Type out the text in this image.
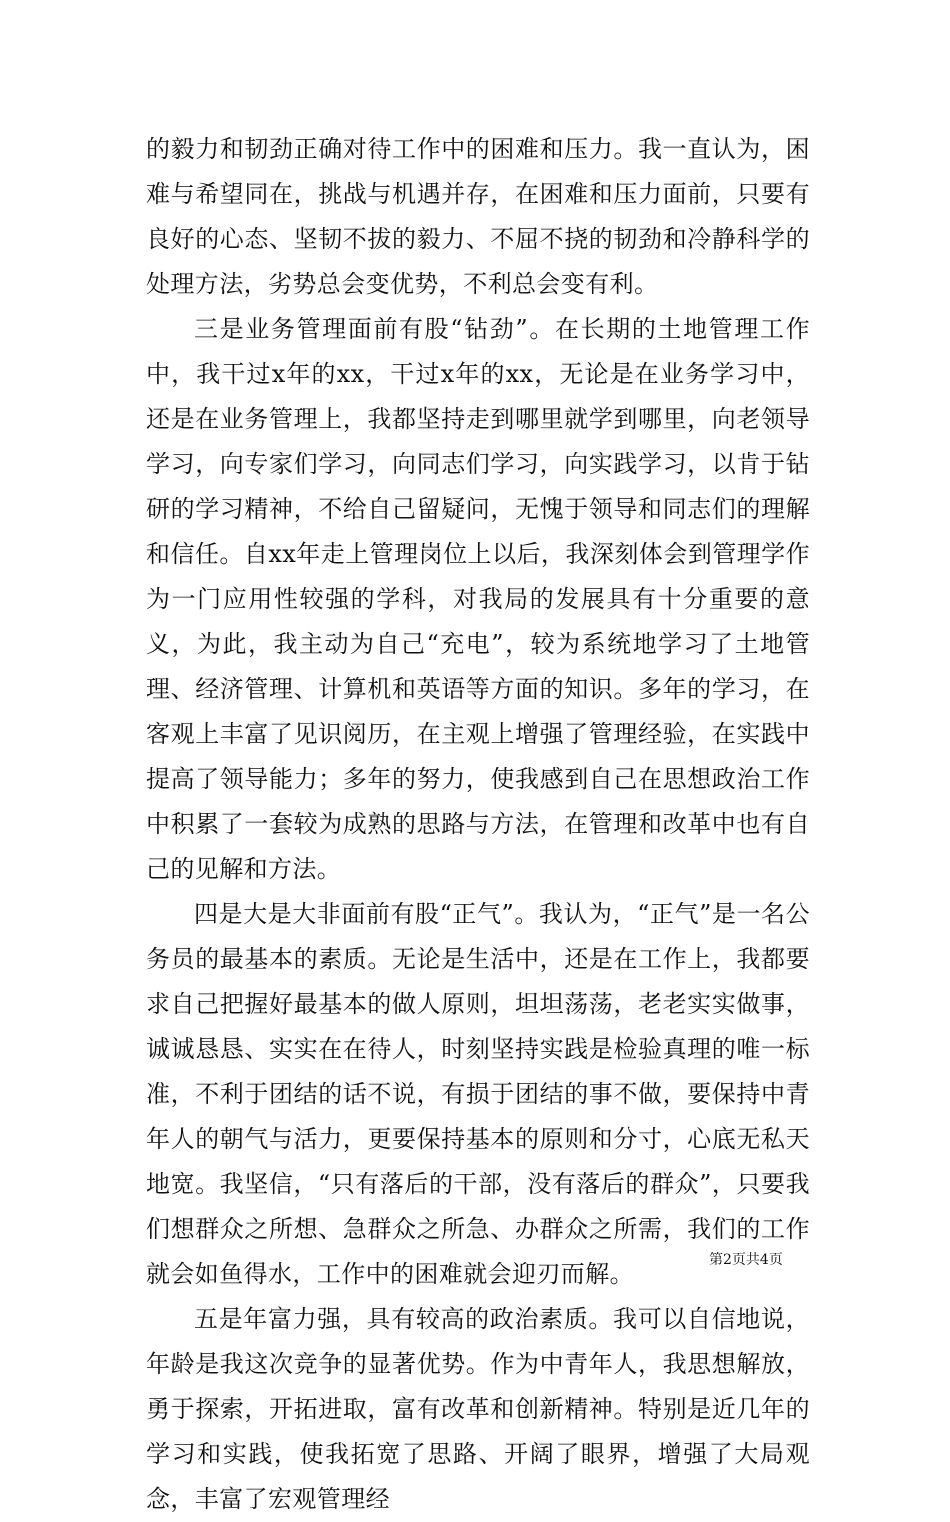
的毅力和韧劲正确对待工作中的困难和压力。我一直认为，困难与希望同在，挑战与机遇并存，在困难和压力面前，只要有良好的心态、坚韧不拔的毅力、不屈不挠的韧劲和冷静科学的处理方法，劣势总会变优势，不利总会变有利。

三是业务管理面前有股“钻劲”。在长期的土地管理工作中，我干过x年的xx，干过x年的xx，无论是在业务学习中，还是在业务管理上，我都坚持走到哪里就学到哪里，向老领导学习，向专家们学习，向同志们学习，向实践学习，以肯于钻研的学习精神，不给自己留疑问，无愧于领导和同志们的理解和信任。自xx年走上管理岗位上以后，我深刻体会到管理学作为一门应用性较强的学科，对我局的发展具有十分重要的意义，为此，我主动为自己“充电”，较为系统地学习了土地管理、经济管理、计算机和英语等方面的知识。多年的学习，在客观上丰富了见识阅历，在主观上增强了管理经验，在实践中提高了领导能力；多年的努力，使我感到自己在思想政治工作中积累了一套较为成熟的思路与方法，在管理和改革中也有自己的见解和方法。

四是大是大非面前有股“正气”。我认为，“正气”是一名公务员的最基本的素质。无论是生活中，还是在工作上，我都要求自己把握好最基本的做人原则，坦坦荡荡，老老实实做事，诚诚恳恳、实实在在待人，时刻坚持实践是检验真理的唯一标准，不利于团结的话不说，有损于团结的事不做，要保持中青年人的朝气与活力，更要保持基本的原则和分寸，心底无私天地宽。我坚信，“只有落后的干部，没有落后的群众”，只要我们想群众之所想、急群众之所急、办群众之所需，我们的工作就会如鱼得水，工作中的困难就会迎刃而解。

五是年富力强，具有较高的政治素质。我可以自信地说，年龄是我这次竞争的显著优势。作为中青年人，我思想解放，勇于探索，开拓进取，富有改革和创新精神。特别是近几年的学习和实践，使我拓宽了思路、开阔了眼界，增强了大局观念，丰富了宏观管理经

第2页共4页
